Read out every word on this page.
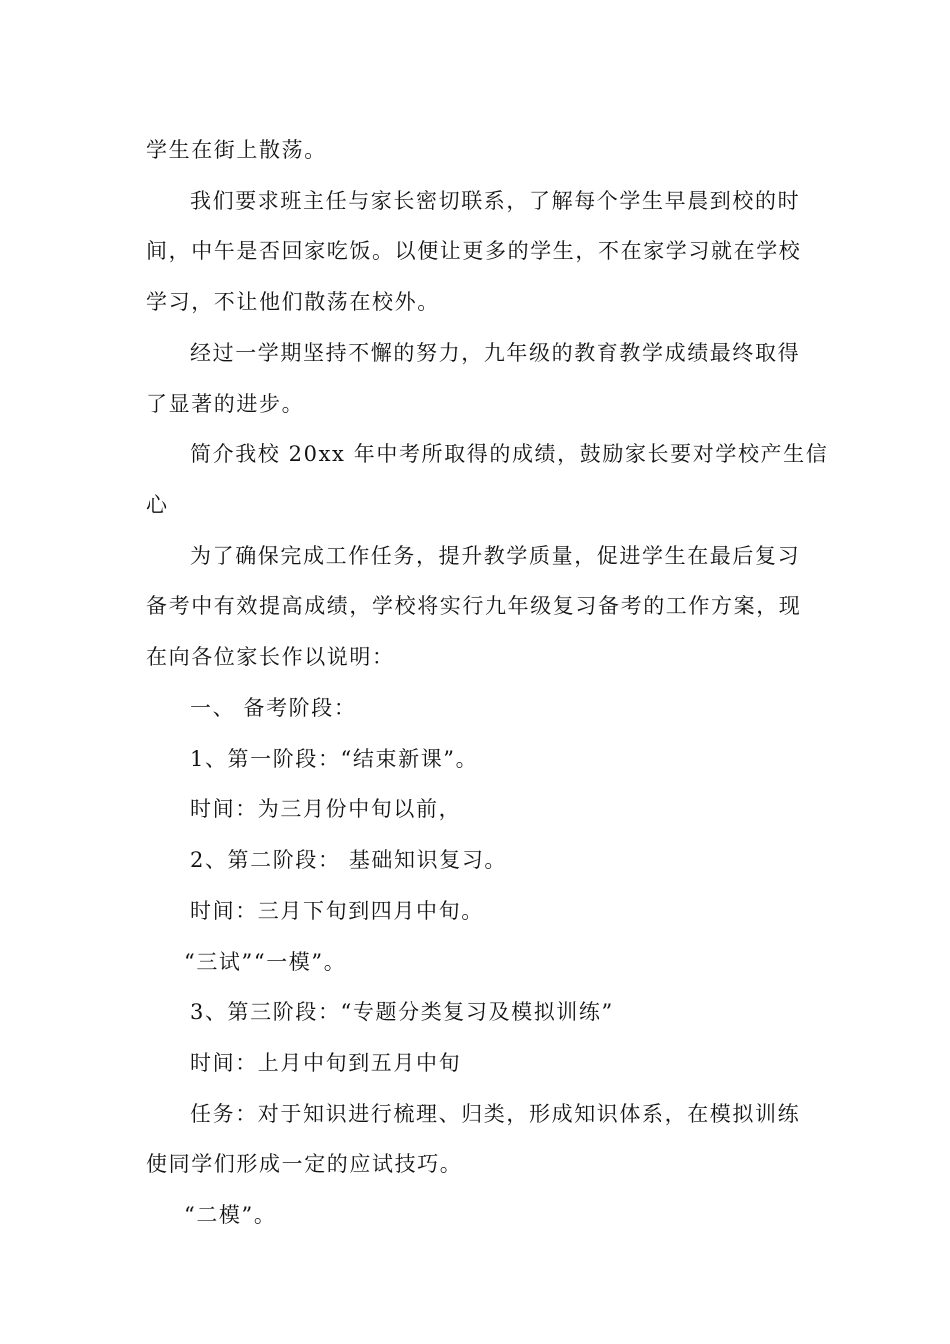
学生在街上散荡。
我们要求班主任与家长密切联系，了解每个学生早晨到校的时
间，中午是否回家吃饭。以便让更多的学生，不在家学习就在学校
学习，不让他们散荡在校外。
经过一学期坚持不懈的努力，九年级的教育教学成绩最终取得
了显著的进步。
简介我校 20xx 年中考所取得的成绩，鼓励家长要对学校产生信
心
为了确保完成工作任务，提升教学质量，促进学生在最后复习
备考中有效提高成绩，学校将实行九年级复习备考的工作方案，现
在向各位家长作以说明：
一、 备考阶段：
1、第一阶段：“结束新课”。
时间：为三月份中旬以前，
2、第二阶段： 基础知识复习。
时间：三月下旬到四月中旬。
“三试”“一模”。
3、第三阶段：“专题分类复习及模拟训练”
时间：上月中旬到五月中旬
任务：对于知识进行梳理、归类，形成知识体系，在模拟训练
使同学们形成一定的应试技巧。
“二模”。
